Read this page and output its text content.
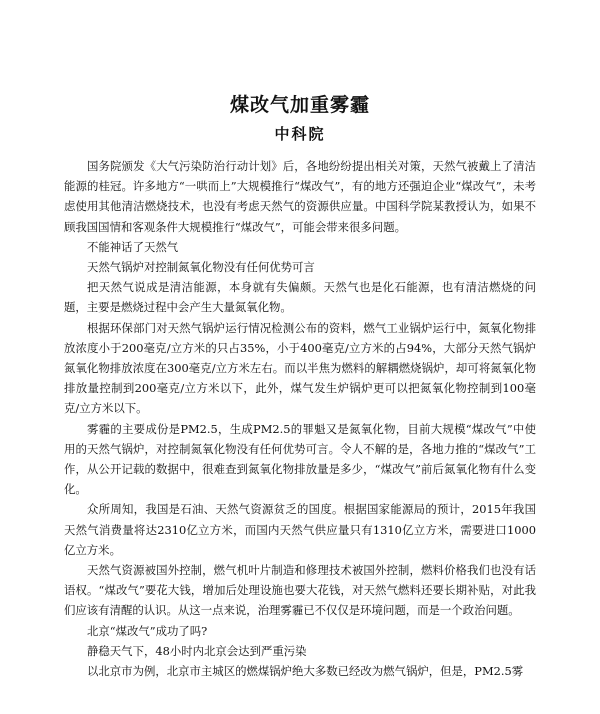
煤改气加重雾霾
中科院

国务院颁发《大气污染防治行动计划》后，各地纷纷提出相关对策，天然气被戴上了清洁能源的桂冠。许多地方“一哄而上”大规模推行“煤改气”，有的地方还强迫企业“煤改气”，未考虑使用其他清洁燃烧技术，也没有考虑天然气的资源供应量。中国科学院某教授认为，如果不顾我国国情和客观条件大规模推行“煤改气”，可能会带来很多问题。

不能神话了天然气

天然气锅炉对控制氮氧化物没有任何优势可言

把天然气说成是清洁能源，本身就有失偏颇。天然气也是化石能源，也有清洁燃烧的问题，主要是燃烧过程中会产生大量氮氧化物。

根据环保部门对天然气锅炉运行情况检测公布的资料，燃气工业锅炉运行中，氮氧化物排放浓度小于200毫克/立方米的只占35%，小于400毫克/立方米的占94%，大部分天然气锅炉氮氧化物排放浓度在300毫克/立方米左右。而以半焦为燃料的解耦燃烧锅炉，却可将氮氧化物排放量控制到200毫克/立方米以下，此外，煤气发生炉锅炉更可以把氮氧化物控制到100毫克/立方米以下。

雾霾的主要成份是PM2.5，生成PM2.5的罪魁又是氮氧化物，目前大规模“煤改气”中使用的天然气锅炉，对控制氮氧化物没有任何优势可言。令人不解的是，各地力推的“煤改气”工作，从公开记载的数据中，很难查到氮氧化物排放量是多少，“煤改气”前后氮氧化物有什么变化。

众所周知，我国是石油、天然气资源贫乏的国度。根据国家能源局的预计，2015年我国天然气消费量将达2310亿立方米，而国内天然气供应量只有1310亿立方米，需要进口1000亿立方米。

天然气资源被国外控制，燃气机叶片制造和修理技术被国外控制，燃料价格我们也没有话语权。“煤改气”要花大钱，增加后处理设施也要大花钱，对天然气燃料还要长期补贴，对此我们应该有清醒的认识。从这一点来说，治理雾霾已不仅仅是环境问题，而是一个政治问题。

北京“煤改气”成功了吗?

静稳天气下，48小时内北京会达到严重污染

以北京市为例，北京市主城区的燃煤锅炉绝大多数已经改为燃气锅炉，但是，PM2.5雾
